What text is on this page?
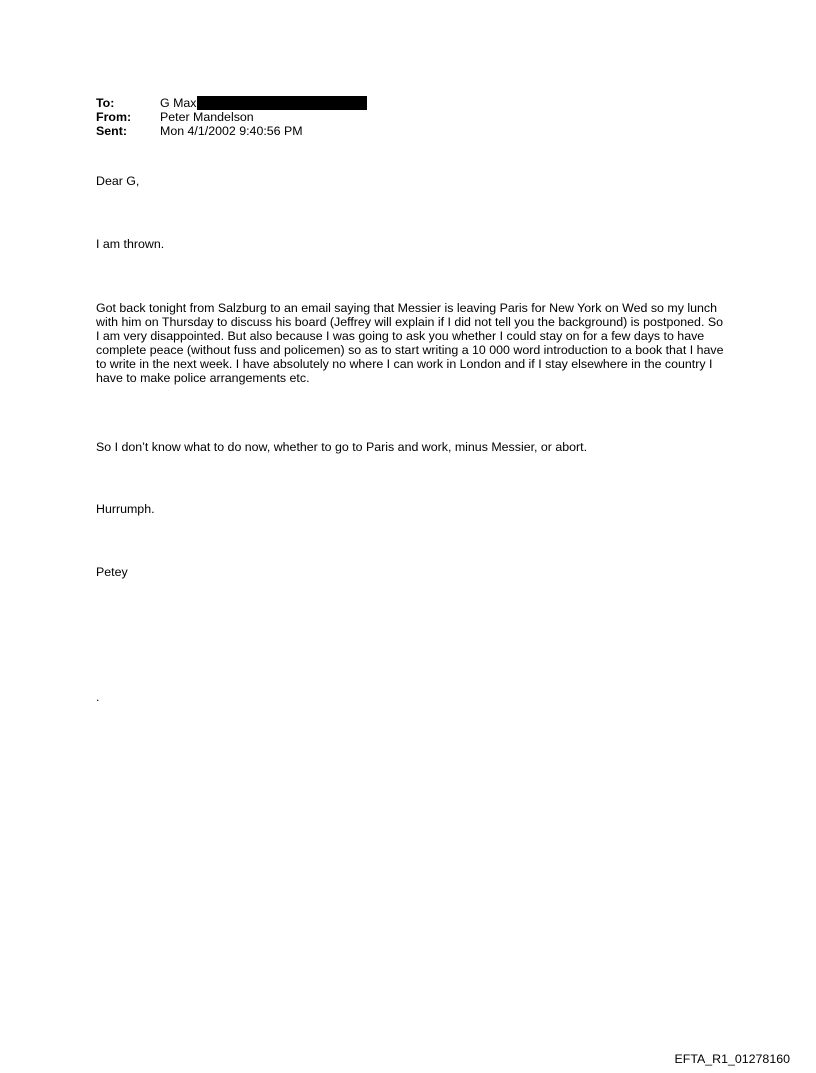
To:	G Max
From:	Peter Mandelson
Sent:	Mon 4/1/2002 9:40:56 PM

Dear G,

I am thrown.

Got back tonight from Salzburg to an email saying that Messier is leaving Paris for New York on Wed so my lunch with him on Thursday to discuss his board (Jeffrey will explain if I did not tell you the background) is postponed. So I am very disappointed. But also because I was going to ask you whether I could stay on for a few days to have complete peace (without fuss and policemen) so as to start writing a 10 000 word introduction to a book that I have to write in the next week. I have absolutely no where I can work in London and if I stay elsewhere in the country I have to make police arrangements etc.

So I don’t know what to do now, whether to go to Paris and work, minus Messier, or abort.

Hurrumph.

Petey

.

EFTA_R1_01278160
